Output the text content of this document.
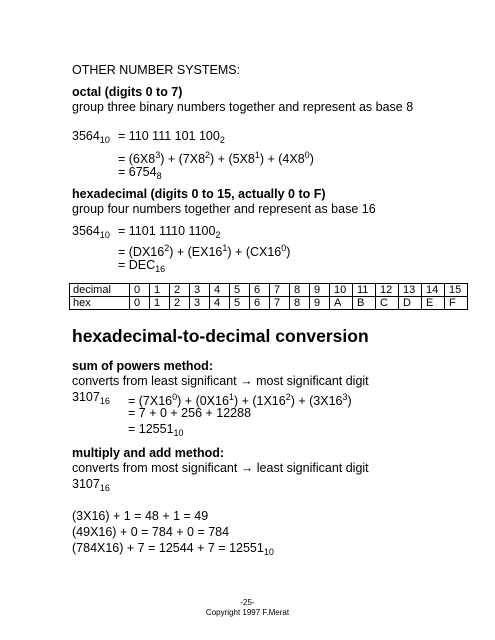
OTHER NUMBER SYSTEMS:
octal (digits 0 to 7)
group three binary numbers together and represent as base 8
$3564_{10} = 110$ 111 101 $100_2$
= $(6X8^3) + (7X8^2) + (5X8^1) + (4X8^0)$
= $6754_8$
hexadecimal (digits 0 to 15, actually 0 to F)
group four numbers together and represent as base 16
$3564_{10} = 1101$ 1110 $1100_2$
= $(DX16^2) + (EX16^1) + (CX16^0)$
= $DEC_{16}$
decimal	0	1	2	3	4	5	6	7	8	9	10	11	12	13	14	15
hex	0	1	2	3	4	5	6	7	8	9	A	B	C	D	E	F
hexadecimal-to-decimal conversion
sum of powers method:
converts from least significant → most significant digit
$3107_{16} = (7X16^0) + (0X16^1) + (1X16^2) + (3X16^3)$
= 7 + 0 + 256 + 12288
= $12551_{10}$
multiply and add method:
converts from most significant → least significant digit
$3107_{16}$
(3X16) + 1 = 48 + 1 = 49
(49X16) + 0 = 784 + 0 = 784
$(784X16) + 7 = 12544 + 7 = 12551_{10}$
-25-
Copyright 1997 F.Merat
